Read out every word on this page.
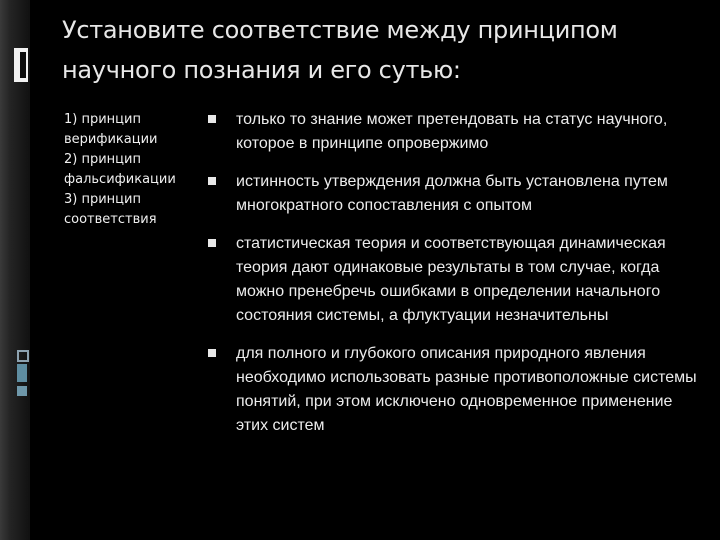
Установите соответствие между принципом
научного познания и его сутью:
1) принцип
верификации
2) принцип
фальсификации
3) принцип
соответствия
только то знание может претендовать на статус научного, которое в принципе опровержимо
истинность утверждения должна быть установлена путем многократного сопоставления с опытом
статистическая теория и соответствующая динамическая теория дают одинаковые результаты в том случае, когда можно пренебречь ошибками в определении начального состояния системы, а флуктуации незначительны
для полного и глубокого описания природного явления необходимо использовать разные противоположные системы понятий, при этом исключено одновременное применение этих систем
